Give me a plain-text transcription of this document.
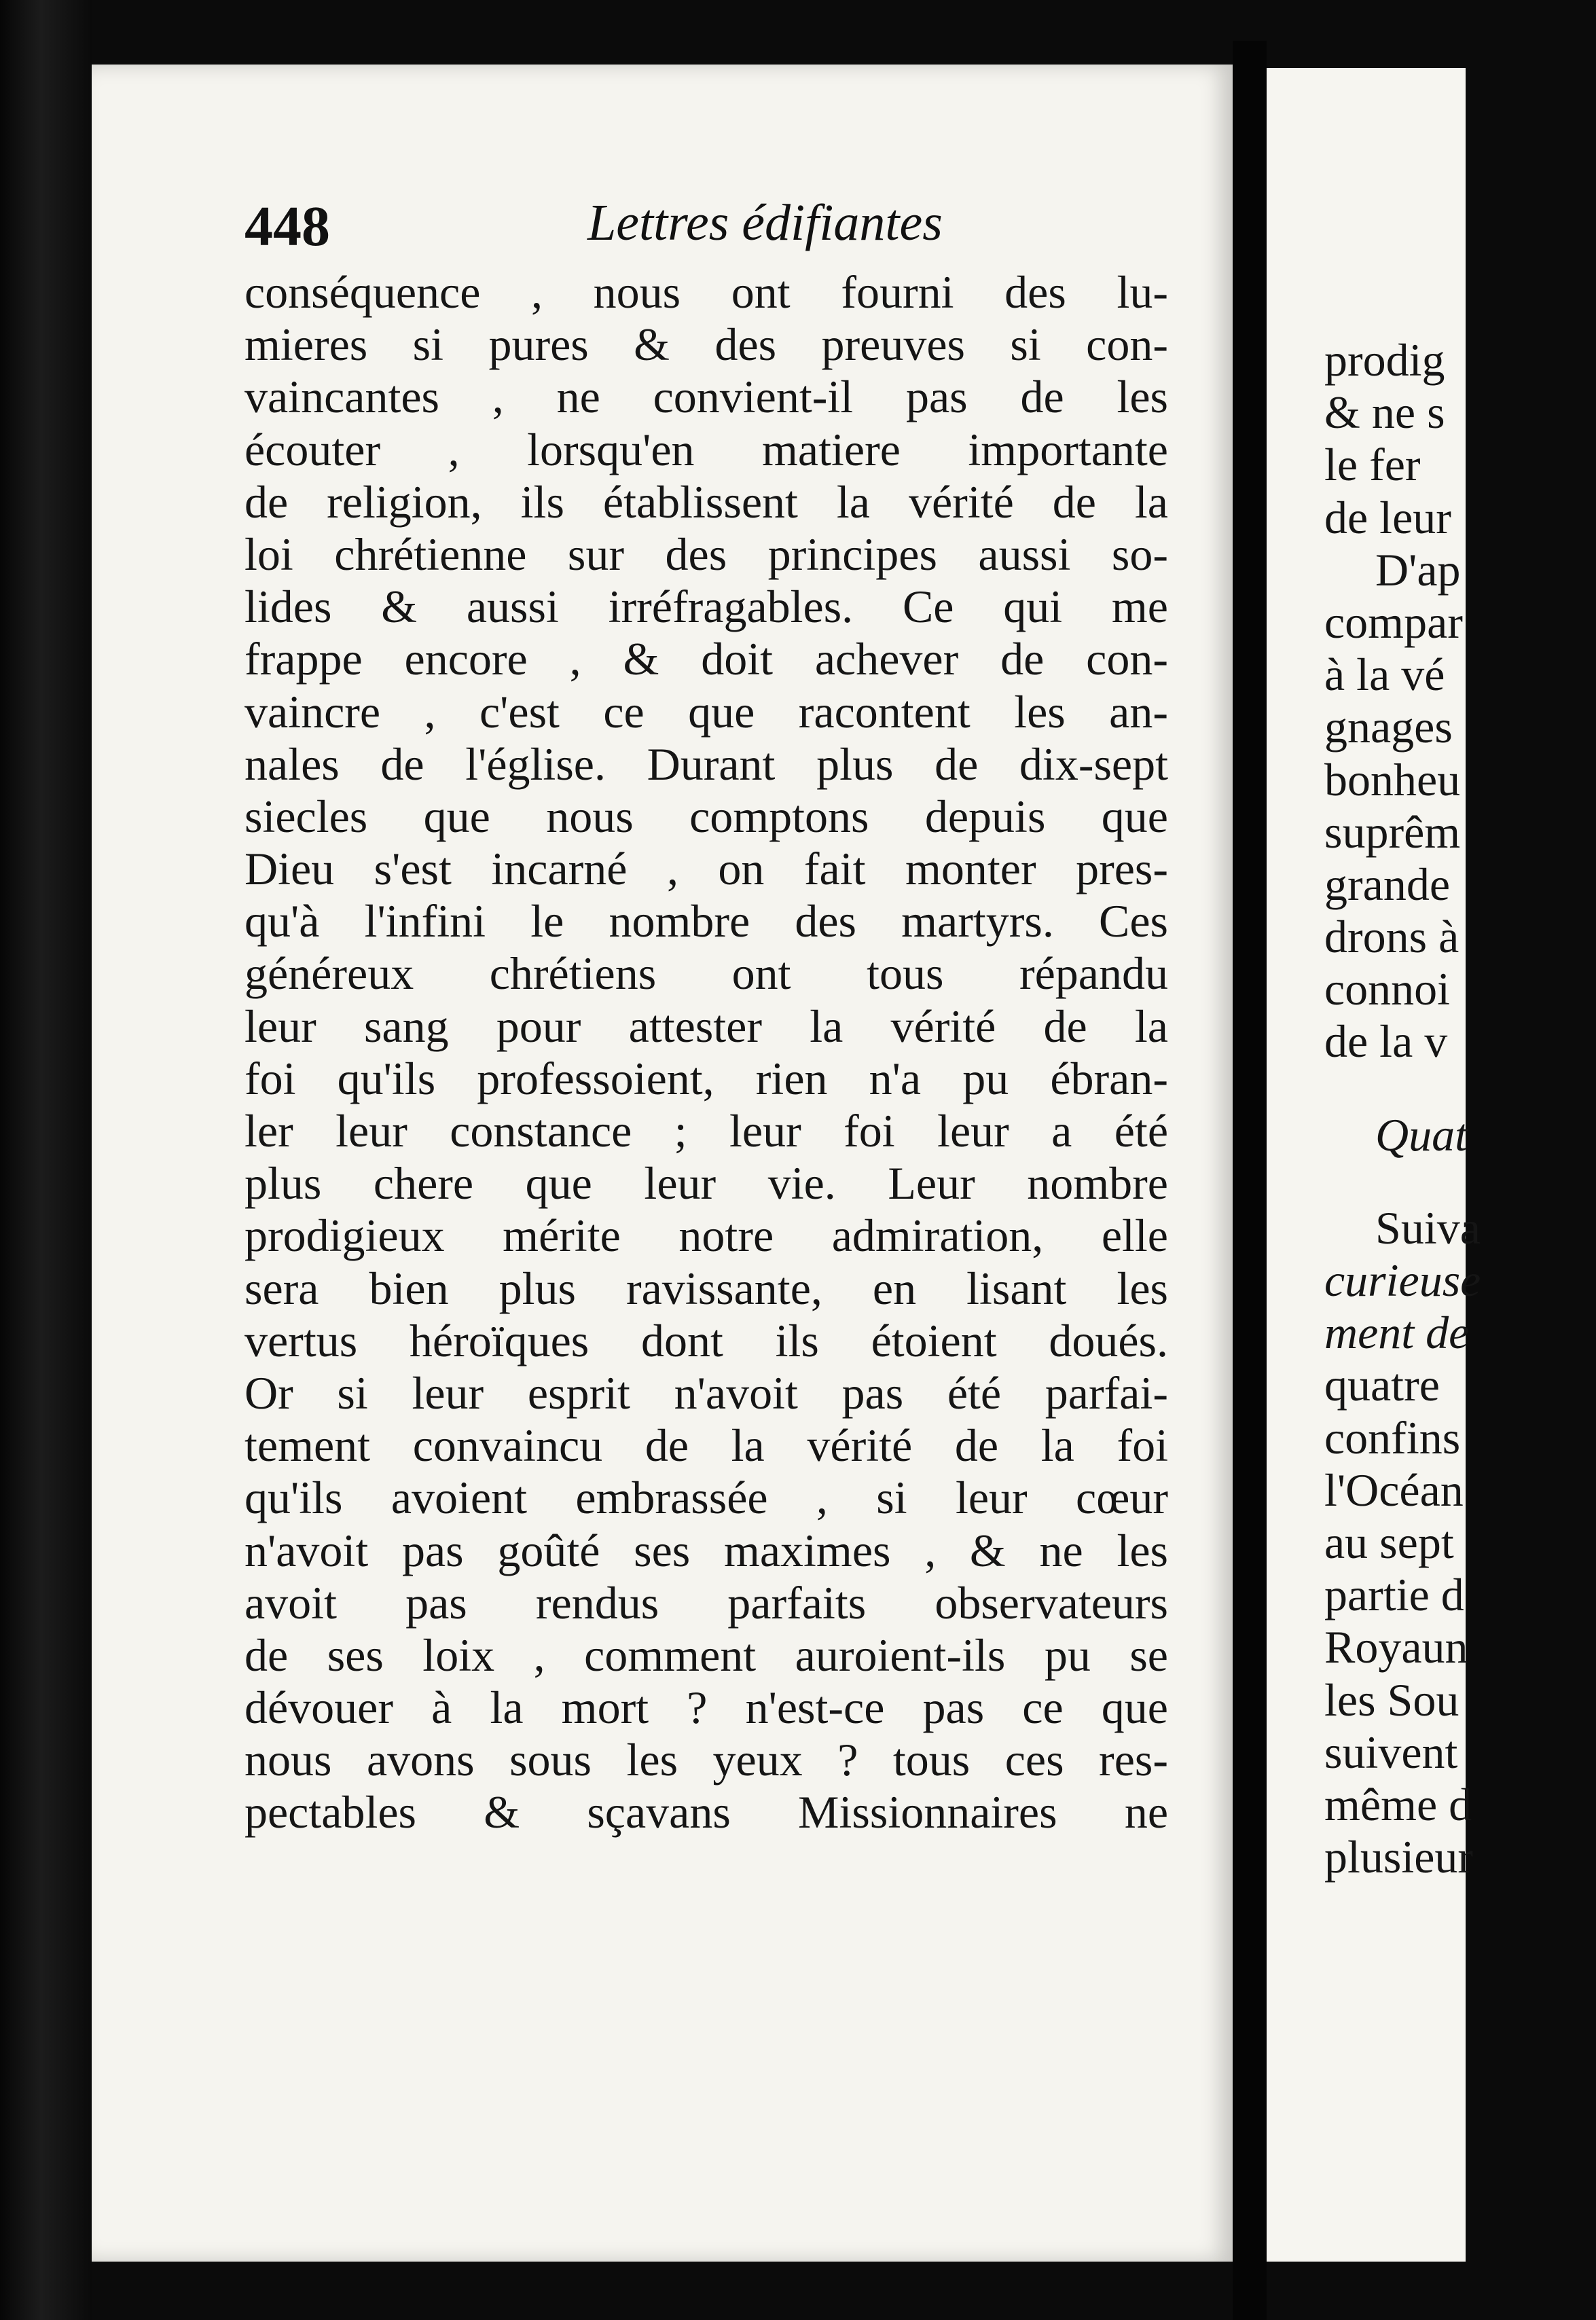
448	Lettres édifiantes
conséquence , nous ont fourni des lu-
mieres si pures & des preuves si con-
vaincantes , ne convient-il pas de les
écouter , lorsqu'en matiere importante
de religion, ils établissent la vérité de la
loi chrétienne sur des principes aussi so-
lides & aussi irréfragables. Ce qui me
frappe encore , & doit achever de con-
vaincre , c'est ce que racontent les an-
nales de l'église. Durant plus de dix-sept
siecles que nous comptons depuis que
Dieu s'est incarné , on fait monter pres-
qu'à l'infini le nombre des martyrs. Ces
généreux chrétiens ont tous répandu
leur sang pour attester la vérité de la
foi qu'ils professoient, rien n'a pu ébran-
ler leur constance ; leur foi leur a été
plus chere que leur vie. Leur nombre
prodigieux mérite notre admiration, elle
sera bien plus ravissante, en lisant les
vertus héroïques dont ils étoient doués.
Or si leur esprit n'avoit pas été parfai-
tement convaincu de la vérité de la foi
qu'ils avoient embrassée , si leur cœur
n'avoit pas goûté ses maximes , & ne les
avoit pas rendus parfaits observateurs
de ses loix , comment auroient-ils pu se
dévouer à la mort ? n'est-ce pas ce que
nous avons sous les yeux ? tous ces res-
pectables & sçavans Missionnaires ne
prodig
& ne s
le fer
de leur
D'ap
compar
à la vé
gnages
bonheu
suprêm
grande
drons à
connoi
de la v
Quat
Suiva
curieuse
ment de
quatre
confins
l'Océan
au sept
partie d
Royaun
les Sou
suivent
même d
plusieur
